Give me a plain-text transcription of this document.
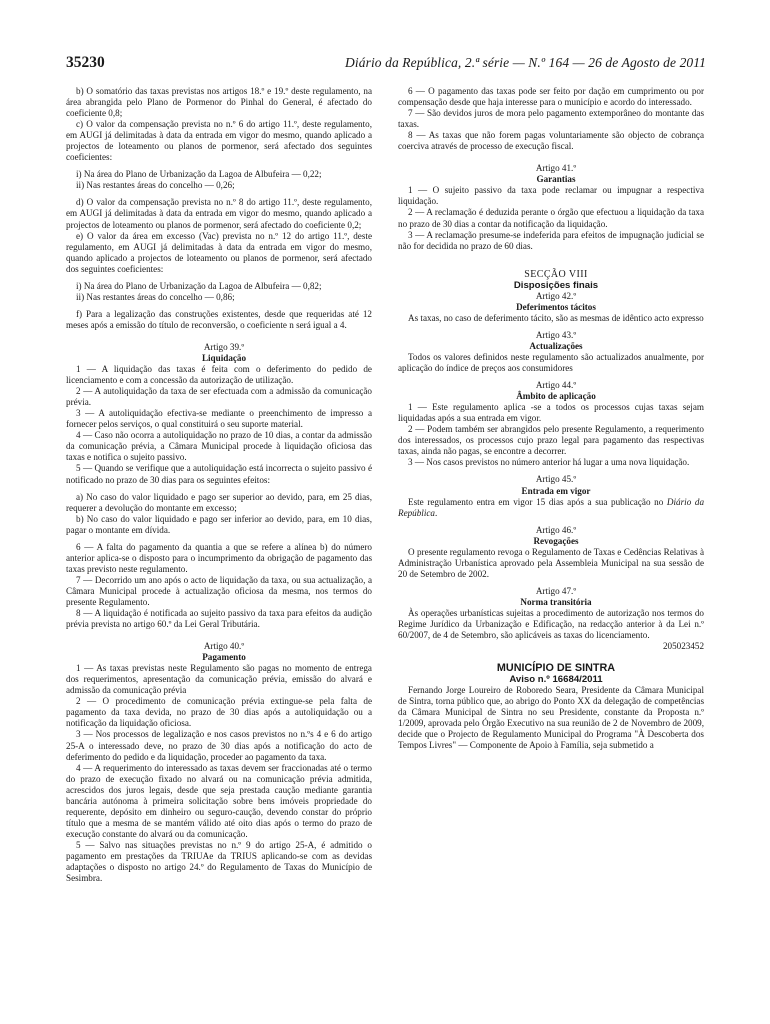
35230	Diário da República, 2.ª série — N.º 164 — 26 de Agosto de 2011

b) O somatório das taxas previstas nos artigos 18.º e 19.º deste regulamento, na área abrangida pelo Plano de Pormenor do Pinhal do General, é afectado do coeficiente 0,8;

c) O valor da compensação prevista no n.º 6 do artigo 11.º, deste regulamento, em AUGI já delimitadas à data da entrada em vigor do mesmo, quando aplicado a projectos de loteamento ou planos de pormenor, será afectado dos seguintes coeficientes:

i) Na área do Plano de Urbanização da Lagoa de Albufeira — 0,22;

ii) Nas restantes áreas do concelho — 0,26;

d) O valor da compensação prevista no n.º 8 do artigo 11.º, deste regulamento, em AUGI já delimitadas à data da entrada em vigor do mesmo, quando aplicado a projectos de loteamento ou planos de pormenor, será afectado do coeficiente 0,2;

e) O valor da área em excesso (Vac) prevista no n.º 12 do artigo 11.º, deste regulamento, em AUGI já delimitadas à data da entrada em vigor do mesmo, quando aplicado a projectos de loteamento ou planos de pormenor, será afectado dos seguintes coeficientes:

i) Na área do Plano de Urbanização da Lagoa de Albufeira — 0,82;

ii) Nas restantes áreas do concelho — 0,86;

f) Para a legalização das construções existentes, desde que requeridas até 12 meses após a emissão do título de reconversão, o coeficiente n será igual a 4.

Artigo 39.º

Liquidação

1 — A liquidação das taxas é feita com o deferimento do pedido de licenciamento e com a concessão da autorização de utilização.

2 — A autoliquidação da taxa de ser efectuada com a admissão da comunicação prévia.

3 — A autoliquidação efectiva-se mediante o preenchimento de impresso a fornecer pelos serviços, o qual constituirá o seu suporte material.

4 — Caso não ocorra a autoliquidação no prazo de 10 dias, a contar da admissão da comunicação prévia, a Câmara Municipal procede à liquidação oficiosa das taxas e notifica o sujeito passivo.

5 — Quando se verifique que a autoliquidação está incorrecta o sujeito passivo é notificado no prazo de 30 dias para os seguintes efeitos:

a) No caso do valor liquidado e pago ser superior ao devido, para, em 25 dias, requerer a devolução do montante em excesso;

b) No caso do valor liquidado e pago ser inferior ao devido, para, em 10 dias, pagar o montante em dívida.

6 — A falta do pagamento da quantia a que se refere a alínea b) do número anterior aplica-se o disposto para o incumprimento da obrigação de pagamento das taxas previsto neste regulamento.

7 — Decorrido um ano após o acto de liquidação da taxa, ou sua actualização, a Câmara Municipal procede à actualização oficiosa da mesma, nos termos do presente Regulamento.

8 — A liquidação é notificada ao sujeito passivo da taxa para efeitos da audição prévia prevista no artigo 60.º da Lei Geral Tributária.

Artigo 40.º

Pagamento

1 — As taxas previstas neste Regulamento são pagas no momento de entrega dos requerimentos, apresentação da comunicação prévia, emissão do alvará e admissão da comunicação prévia

2 — O procedimento de comunicação prévia extingue-se pela falta de pagamento da taxa devida, no prazo de 30 dias após a autoliquidação ou a notificação da liquidação oficiosa.

3 — Nos processos de legalização e nos casos previstos no n.ºs 4 e 6 do artigo 25-A o interessado deve, no prazo de 30 dias após a notificação do acto de deferimento do pedido e da liquidação, proceder ao pagamento da taxa.

4 — A requerimento do interessado as taxas devem ser fraccionadas até o termo do prazo de execução fixado no alvará ou na comunicação prévia admitida, acrescidos dos juros legais, desde que seja prestada caução mediante garantia bancária autónoma à primeira solicitação sobre bens imóveis propriedade do requerente, depósito em dinheiro ou seguro-caução, devendo constar do próprio título que a mesma de se mantém válido até oito dias após o termo do prazo de execução constante do alvará ou da comunicação.

5 — Salvo nas situações previstas no n.º 9 do artigo 25-A, é admitido o pagamento em prestações da TRIUAe da TRIUS aplicando-se com as devidas adaptações o disposto no artigo 24.º do Regulamento de Taxas do Município de Sesimbra.

6 — O pagamento das taxas pode ser feito por dação em cumprimento ou por compensação desde que haja interesse para o município e acordo do interessado.

7 — São devidos juros de mora pelo pagamento extemporâneo do montante das taxas.

8 — As taxas que não forem pagas voluntariamente são objecto de cobrança coerciva através de processo de execução fiscal.

Artigo 41.º

Garantias

1 — O sujeito passivo da taxa pode reclamar ou impugnar a respectiva liquidação.

2 — A reclamação é deduzida perante o órgão que efectuou a liquidação da taxa no prazo de 30 dias a contar da notificação da liquidação.

3 — A reclamação presume-se indeferida para efeitos de impugnação judicial se não for decidida no prazo de 60 dias.

SECÇÃO VIII

Disposições finais

Artigo 42.º

Deferimentos tácitos

As taxas, no caso de deferimento tácito, são as mesmas de idêntico acto expresso

Artigo 43.º

Actualizações

Todos os valores definidos neste regulamento são actualizados anualmente, por aplicação do índice de preços aos consumidores

Artigo 44.º

Âmbito de aplicação

1 — Este regulamento aplica -se a todos os processos cujas taxas sejam liquidadas após a sua entrada em vigor.

2 — Podem também ser abrangidos pelo presente Regulamento, a requerimento dos interessados, os processos cujo prazo legal para pagamento das respectivas taxas, ainda não pagas, se encontre a decorrer.

3 — Nos casos previstos no número anterior há lugar a uma nova liquidação.

Artigo 45.º

Entrada em vigor

Este regulamento entra em vigor 15 dias após a sua publicação no Diário da República.

Artigo 46.º

Revogações

O presente regulamento revoga o Regulamento de Taxas e Cedências Relativas à Administração Urbanística aprovado pela Assembleia Municipal na sua sessão de 20 de Setembro de 2002.

Artigo 47.º

Norma transitória

Às operações urbanísticas sujeitas a procedimento de autorização nos termos do Regime Jurídico da Urbanização e Edificação, na redacção anterior à da Lei n.º 60/2007, de 4 de Setembro, são aplicáveis as taxas do licenciamento.

205023452

MUNICÍPIO DE SINTRA

Aviso n.º 16684/2011

Fernando Jorge Loureiro de Roboredo Seara, Presidente da Câmara Municipal de Sintra, torna público que, ao abrigo do Ponto XX da delegação de competências da Câmara Municipal de Sintra no seu Presidente, constante da Proposta n.º 1/2009, aprovada pelo Órgão Executivo na sua reunião de 2 de Novembro de 2009, decide que o Projecto de Regulamento Municipal do Programa "À Descoberta dos Tempos Livres" — Componente de Apoio à Família, seja submetido a
